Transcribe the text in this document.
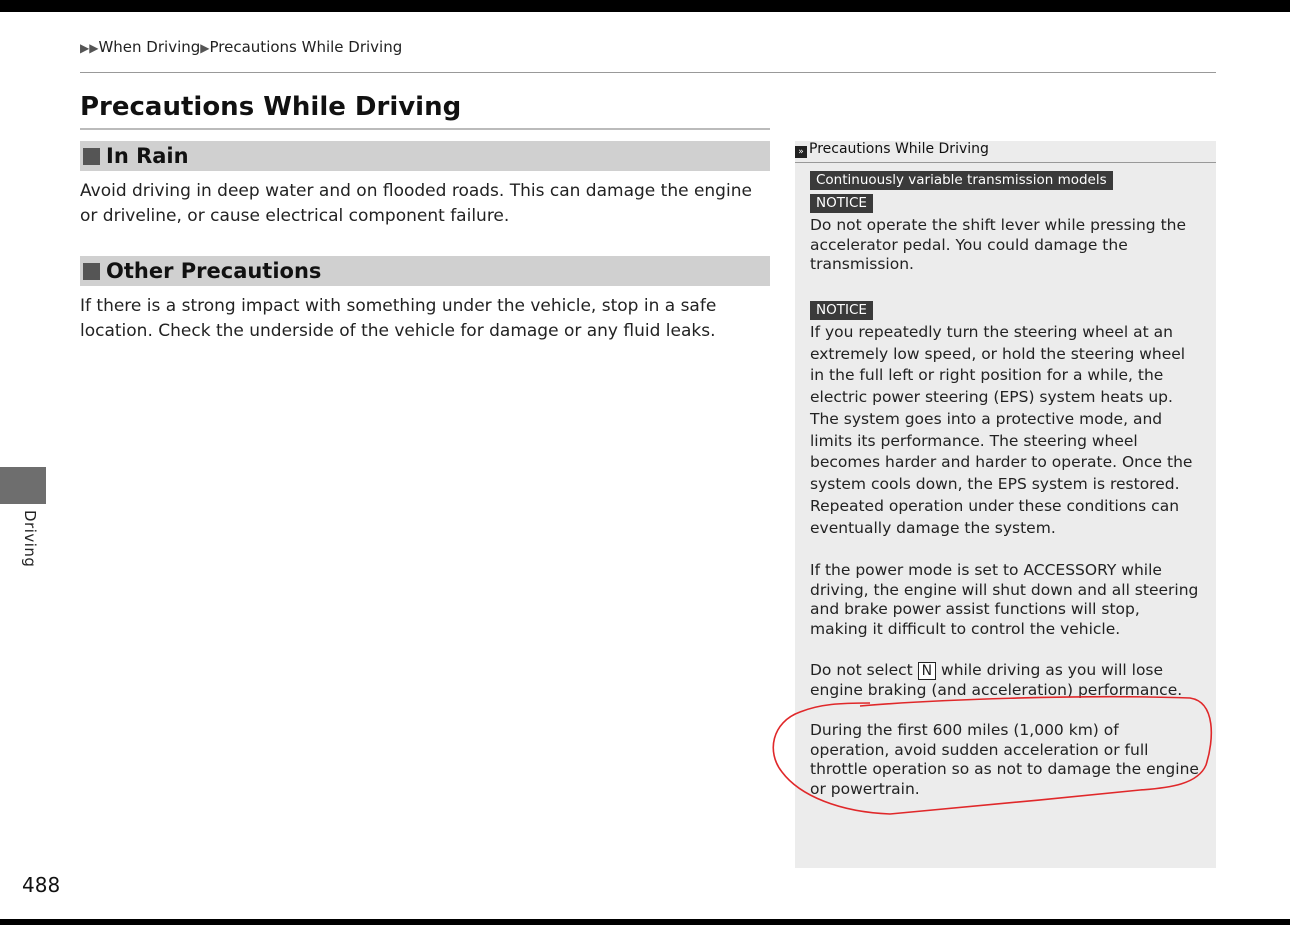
▶▶When Driving▶Precautions While Driving
Precautions While Driving
In Rain

Avoid driving in deep water and on flooded roads. This can damage the engine or driveline, or cause electrical component failure.

Other Precautions

If there is a strong impact with something under the vehicle, stop in a safe location. Check the underside of the vehicle for damage or any fluid leaks.

Driving
488
» Precautions While Driving
Continuously variable transmission models
NOTICE

Do not operate the shift lever while pressing the accelerator pedal. You could damage the transmission.

NOTICE

If you repeatedly turn the steering wheel at an extremely low speed, or hold the steering wheel in the full left or right position for a while, the electric power steering (EPS) system heats up. The system goes into a protective mode, and limits its performance. The steering wheel becomes harder and harder to operate. Once the system cools down, the EPS system is restored.

Repeated operation under these conditions can eventually damage the system.

If the power mode is set to ACCESSORY while driving, the engine will shut down and all steering and brake power assist functions will stop, making it difficult to control the vehicle.

Do not select N while driving as you will lose engine braking (and acceleration) performance.

During the first 600 miles (1,000 km) of operation, avoid sudden acceleration or full throttle operation so as not to damage the engine or powertrain.
